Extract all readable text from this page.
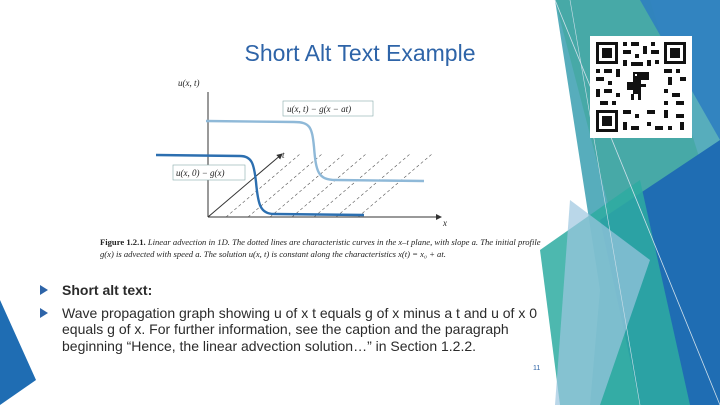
Short Alt Text Example
u(x, t)
x
t
u(x, t) − g(x − at)
u(x, 0) − g(x)
Figure 1.2.1. Linear advection in 1D. The dotted lines are characteristic curves in the x–t plane, with slope a. The initial profile g(x) is advected with speed a. The solution u(x, t) is constant along the characteristics x(t) = x₀ + at.
Short alt text:
Wave propagation graph showing u of x t equals g of x minus a t and u of x 0 equals g of x. For further information, see the caption and the paragraph beginning “Hence, the linear advection solution…” in Section 1.2.2.
11
